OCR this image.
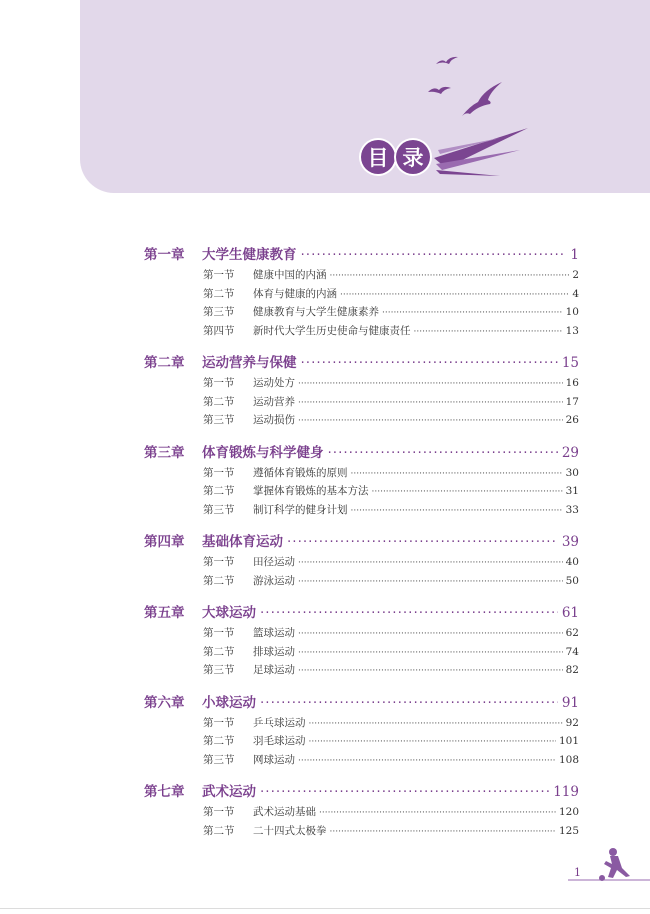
目 录
第一章	大学生健康教育 ·····	1
第一节	健康中国的内涵 ·····	2
第二节	体育与健康的内涵 ·····	4
第三节	健康教育与大学生健康素养 ·····	10
第四节	新时代大学生历史使命与健康责任 ·····	13
第二章	运动营养与保健 ·····	15
第一节	运动处方 ·····	16
第二节	运动营养 ·····	17
第三节	运动损伤 ·····	26
第三章	体育锻炼与科学健身 ·····	29
第一节	遵循体育锻炼的原则 ·····	30
第二节	掌握体育锻炼的基本方法 ·····	31
第三节	制订科学的健身计划 ·····	33
第四章	基础体育运动 ·····	39
第一节	田径运动 ·····	40
第二节	游泳运动 ·····	50
第五章	大球运动 ·····	61
第一节	篮球运动 ·····	62
第二节	排球运动 ·····	74
第三节	足球运动 ·····	82
第六章	小球运动 ·····	91
第一节	乒乓球运动 ·····	92
第二节	羽毛球运动 ·····	101
第三节	网球运动 ·····	108
第七章	武术运动 ·····	119
第一节	武术运动基础 ·····	120
第二节	二十四式太极拳 ·····	125
1
